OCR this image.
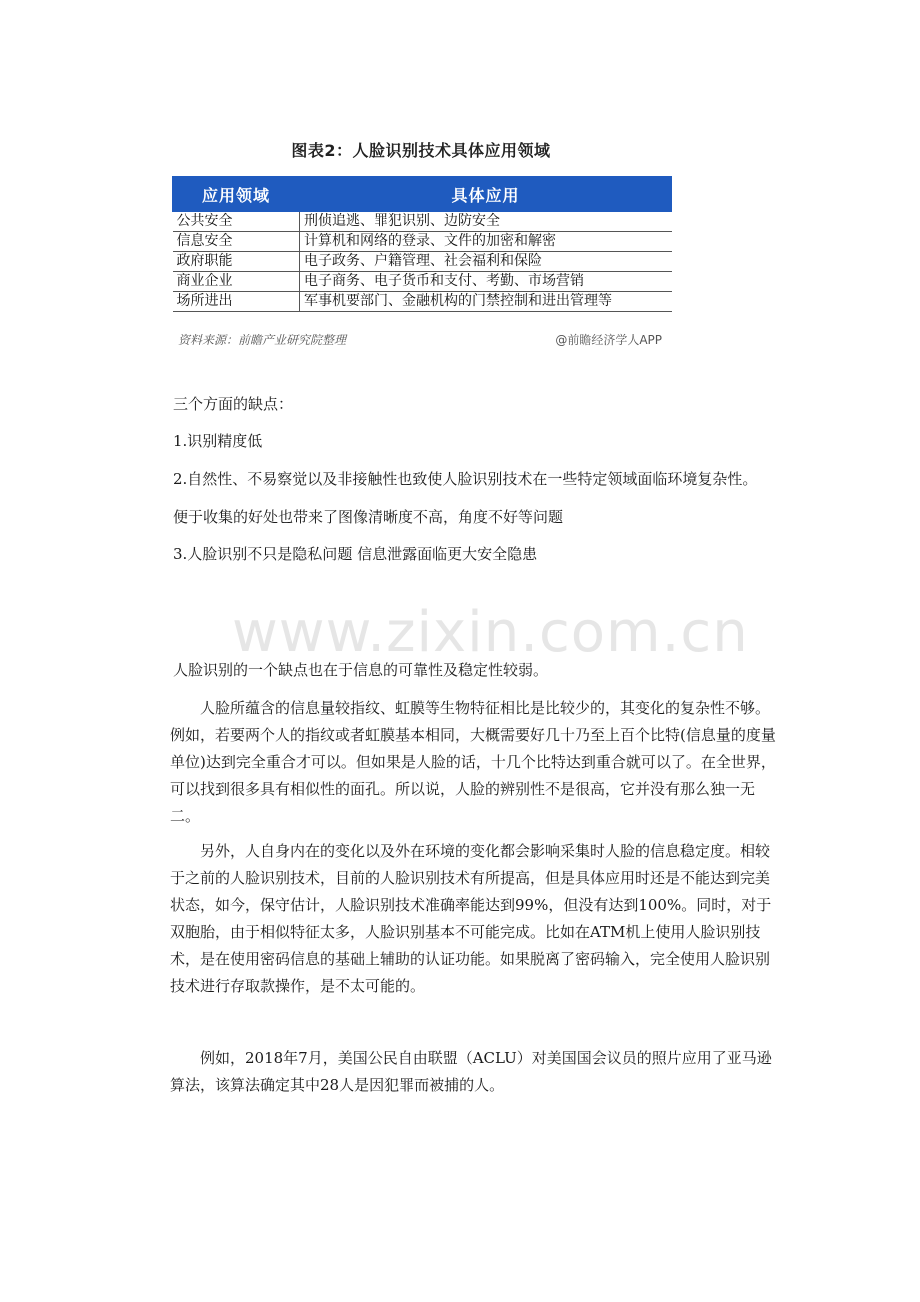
图表2：人脸识别技术具体应用领域
应用领域	具体应用
公共安全	刑侦追逃、罪犯识别、边防安全
信息安全	计算机和网络的登录、文件的加密和解密
政府职能	电子政务、户籍管理、社会福利和保险
商业企业	电子商务、电子货币和支付、考勤、市场营销
场所进出	军事机要部门、金融机构的门禁控制和进出管理等
资料来源：前瞻产业研究院整理	@前瞻经济学人APP

三个方面的缺点：

1.识别精度低

2.自然性、不易察觉以及非接触性也致使人脸识别技术在一些特定领域面临环境复杂性。

便于收集的好处也带来了图像清晰度不高，角度不好等问题

3.人脸识别不只是隐私问题 信息泄露面临更大安全隐患

www.zixin.com.cn

人脸识别的一个缺点也在于信息的可靠性及稳定性较弱。

人脸所蕴含的信息量较指纹、虹膜等生物特征相比是比较少的，其变化的复杂性不够。例如，若要两个人的指纹或者虹膜基本相同，大概需要好几十乃至上百个比特(信息量的度量单位)达到完全重合才可以。但如果是人脸的话，十几个比特达到重合就可以了。在全世界，可以找到很多具有相似性的面孔。所以说，人脸的辨别性不是很高，它并没有那么独一无二。

另外，人自身内在的变化以及外在环境的变化都会影响采集时人脸的信息稳定度。相较于之前的人脸识别技术，目前的人脸识别技术有所提高，但是具体应用时还是不能达到完美状态，如今，保守估计，人脸识别技术准确率能达到99%，但没有达到100%。同时，对于双胞胎，由于相似特征太多，人脸识别基本不可能完成。比如在ATM机上使用人脸识别技术，是在使用密码信息的基础上辅助的认证功能。如果脱离了密码输入，完全使用人脸识别技术进行存取款操作，是不太可能的。

例如，2018年7月，美国公民自由联盟（ACLU）对美国国会议员的照片应用了亚马逊算法，该算法确定其中28人是因犯罪而被捕的人。
